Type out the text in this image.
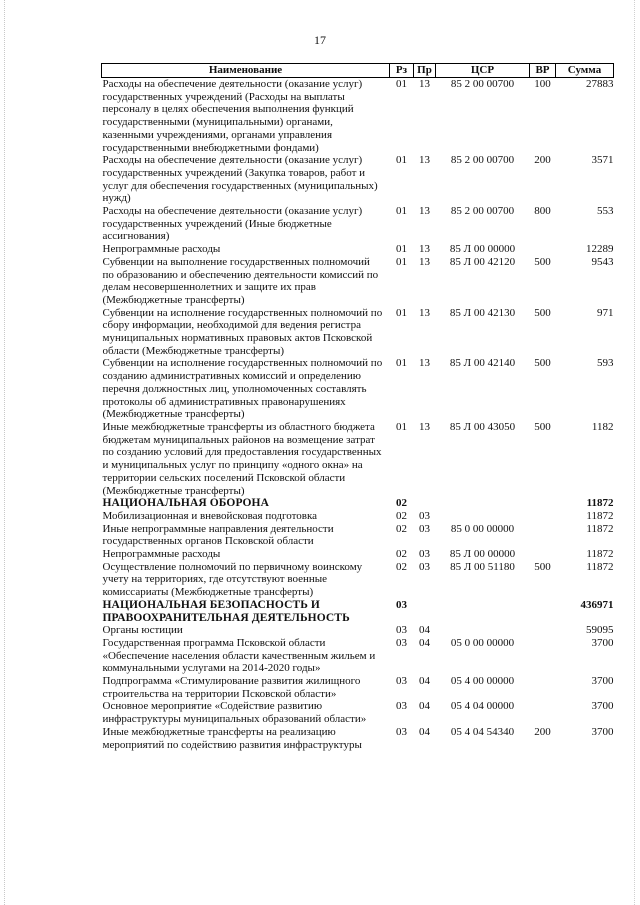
17
Наименование	Рз	Пр	ЦСР	ВР	Сумма
Расходы на обеспечение деятельности (оказание услуг) государственных учреждений (Расходы на выплаты персоналу в целях обеспечения выполнения функций государственными (муниципальными) органами, казенными учреждениями, органами управления государственными внебюджетными фондами)	01	13	85 2 00 00700	100	27883
Расходы на обеспечение деятельности (оказание услуг) государственных учреждений (Закупка товаров, работ и услуг для обеспечения государственных (муниципальных) нужд)	01	13	85 2 00 00700	200	3571
Расходы на обеспечение деятельности (оказание услуг) государственных учреждений (Иные бюджетные ассигнования)	01	13	85 2 00 00700	800	553
Непрограммные расходы	01	13	85 Л 00 00000		12289
Субвенции на выполнение государственных полномочий по образованию и обеспечению деятельности комиссий по делам несовершеннолетних и защите их прав (Межбюджетные трансферты)	01	13	85 Л 00 42120	500	9543
Субвенции на исполнение государственных полномочий по сбору информации, необходимой для ведения регистра муниципальных нормативных правовых актов Псковской области (Межбюджетные трансферты)	01	13	85 Л 00 42130	500	971
Субвенции на исполнение государственных полномочий по созданию административных комиссий и определению перечня должностных лиц, уполномоченных составлять протоколы об административных правонарушениях (Межбюджетные трансферты)	01	13	85 Л 00 42140	500	593
Иные межбюджетные трансферты из областного бюджета бюджетам муниципальных районов на возмещение затрат по созданию условий для предоставления государственных и муниципальных услуг по принципу «одного окна» на территории сельских поселений Псковской области (Межбюджетные трансферты)	01	13	85 Л 00 43050	500	1182
НАЦИОНАЛЬНАЯ ОБОРОНА	02				11872
Мобилизационная и вневойсковая подготовка	02	03			11872
Иные непрограммные направления деятельности государственных органов Псковской области	02	03	85 0 00 00000		11872
Непрограммные расходы	02	03	85 Л 00 00000		11872
Осуществление полномочий по первичному воинскому учету на территориях, где отсутствуют военные комиссариаты (Межбюджетные трансферты)	02	03	85 Л 00 51180	500	11872
НАЦИОНАЛЬНАЯ БЕЗОПАСНОСТЬ И ПРАВООХРАНИТЕЛЬНАЯ ДЕЯТЕЛЬНОСТЬ	03				436971
Органы юстиции	03	04			59095
Государственная программа Псковской области «Обеспечение населения области качественным жильем и коммунальными услугами на 2014-2020 годы»	03	04	05 0 00 00000		3700
Подпрограмма «Стимулирование развития жилищного строительства на территории Псковской области»	03	04	05 4 00 00000		3700
Основное мероприятие «Содействие развитию инфраструктуры муниципальных образований области»	03	04	05 4 04 00000		3700
Иные межбюджетные трансферты на реализацию мероприятий по содействию развития инфраструктуры	03	04	05 4 04 54340	200	3700
